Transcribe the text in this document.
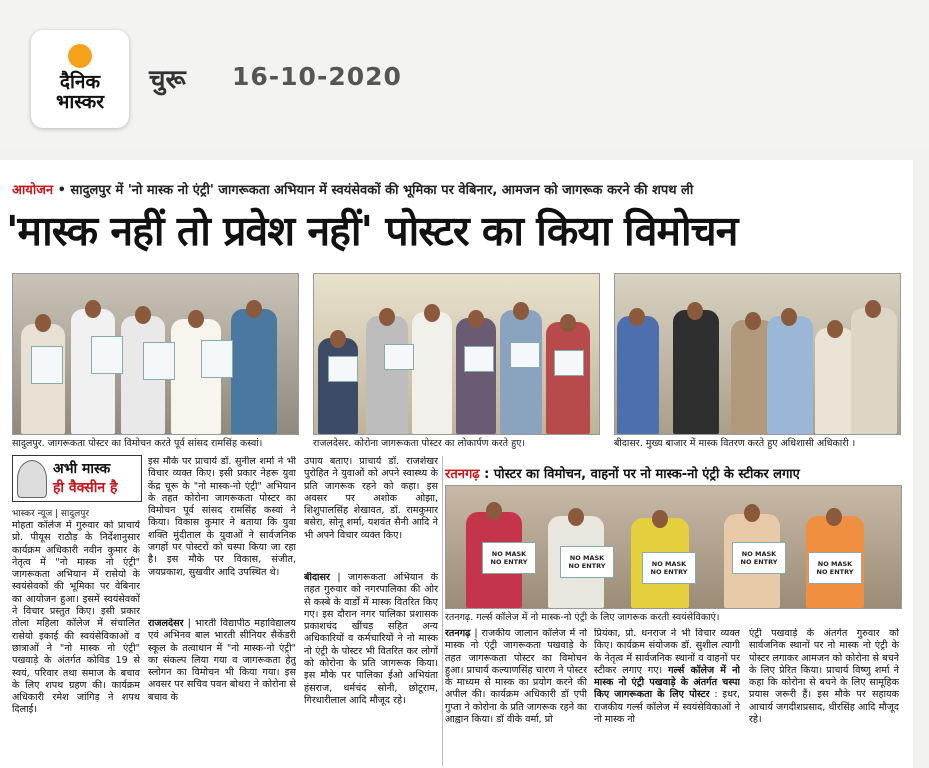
दैनिक
भास्कर
चुरू 16-10-2020
आयोजन • सादुलपुर में 'नो मास्क नो एंट्री' जागरूकता अभियान में स्वयंसेवकों की भूमिका पर वेबिनार, आमजन को जागरूक करने की शपथ ली
'मास्क नहीं तो प्रवेश नहीं' पोस्टर का किया विमोचन
सादुलपुर. जागरूकता पोस्टर का विमोचन करते पूर्व सांसद रामसिंह कस्वां।	राजलदेसर. कोरोना जागरूकता पोस्टर का लोकार्पण करते हुए।	बीदासर. मुख्य बाजार में मास्क वितरण करते हुए अधिशासी अधिकारी ।
अभी मास्क
ही वैक्सीन है
भास्कर न्यूज | सादुलपुर
मोहता कॉलेज में गुरुवार को प्राचार्य प्रो. पीयूस राठौड़ के निर्देशानुसार कार्यक्रम अधिकारी नवीन कुमार के नेतृत्व में "नो मास्क नो एंट्री" जागरूकता अभियान में रासेयो के स्वयंसेवकों की भूमिका पर वेबिनार का आयोजन हुआ। इसमें स्वयंसेवकों ने विचार प्रस्तुत किए। इसी प्रकार तोला महिला कॉलेज में संचालित रासेयो इकाई की स्वयंसेविकाओं व छात्राओं ने "नो मास्क नो एंट्री" पखवाड़े के अंतर्गत कोविड 19 से स्वयं, परिवार तथा समाज के बचाव के लिए शपथ ग्रहण की। कार्यक्रम अधिकारी रमेश जांगिड़ ने शपथ दिलाई।
इस मौके पर प्राचार्य डॉ. सुनील शर्मा ने भी विचार व्यक्त किए। इसी प्रकार नेहरू युवा केंद्र चूरू के "नो मास्क-नो एंट्री" अभियान के तहत कोरोना जागरूकता पोस्टर का विमोचन पूर्व सांसद रामसिंह कस्वां ने किया। विकास कुमार ने बताया कि युवा शक्ति मुंदीताल के युवाओं ने सार्वजनिक जगहों पर पोस्टरों को चस्पा किया जा रहा है। इस मौके पर विकास, संजीत, जयप्रकाश, सुखवीर आदि उपस्थित थे।
राजलदेसर | भारती विद्यापीठ महाविद्यालय एवं अभिनव बाल भारती सीनियर सैकेंडरी स्कूल के तत्वाधान में "नो मास्क-नो एंट्री" का संकल्प लिया गया व जागरूकता हेतु स्लोगन का विमोचन भी किया गया। इस अवसर पर सचिव पवन बोथरा ने कोरोना से बचाव के
उपाय बताए। प्राचार्य डॉ. राजशेखर पुरोहित ने युवाओं को अपने स्वास्थ्य के प्रति जागरूक रहने को कहा। इस अवसर पर अशोक ओझा, शिशुपालसिंह शेखावत, डॉ. रामकुमार बसेरा, सोनू शर्मा, यशवंत सैनी आदि ने भी अपने विचार व्यक्त किए।
बीदासर | जागरूकता अभियान के तहत गुरुवार को नगरपालिका की ओर से कस्बे के वार्डों में मास्क वितरित किए गए। इस दौरान नगर पालिका प्रशासक प्रकाशचंद खींचड़ सहित अन्य अधिकारियों व कर्मचारियों ने नो मास्क नो एंट्री के पोस्टर भी वितरित कर लोगों को कोरोना के प्रति जागरूक किया। इस मौके पर पालिका ईओ अभियंता हंसराज, धर्मचंद सोनी, छोटूराम, गिरधारीलाल आदि मौजूद रहे।
रतनगढ़ : पोस्टर का विमोचन, वाहनों पर नो मास्क-नो एंट्री के स्टीकर लगाए
NO MASK
NO ENTRY	NO MASK
NO ENTRY	NO MASK
NO ENTRY
NO MASK
NO ENTRY	NO MASK
NO ENTRY
रतनगढ़. गर्ल्स कॉलेज में नो मास्क-नो एंट्री के लिए जागरूक करती स्वयंसेविकाएं।
रतनगढ़ | राजकीय जालान कॉलेज में नो मास्क नो एंट्री जागरूकता पखवाड़े के तहत जागरूकता पोस्टर का विमोचन हुआ। प्राचार्य कल्याणसिंह चारण ने पोस्टर के माध्यम से मास्क का प्रयोग करने की अपील की। कार्यक्रम अधिकारी डॉ एपी गुप्ता ने कोरोना के प्रति जागरूक रहने का आह्वान किया। डॉ वीके वर्मा, प्रो
प्रियंका, प्रो. धनराज ने भी विचार व्यक्त किए। कार्यक्रम संयोजक डॉ. सुशील त्यागी के नेतृत्व में सार्वजनिक स्थानों व वाहनों पर स्टीकर लगाए गए। गर्ल्स कॉलेज में नो मास्क नो एंट्री पखवाड़े के अंतर्गत चस्पा किए जागरूकता के लिए पोस्टर : इधर, राजकीय गर्ल्स कॉलेज में स्वयंसेविकाओं ने नो मास्क नो
एंट्री पखवाड़े के अंतर्गत गुरुवार को सार्वजनिक स्थानों पर नो मास्क नो एंट्री के पोस्टर लगाकर आमजन को कोरोना से बचने के लिए प्रेरित किया। प्राचार्य विष्णु शर्मा ने कहा कि कोरोना से बचने के लिए सामूहिक प्रयास जरूरी हैं। इस मौके पर सहायक आचार्य जगदीशप्रसाद, धीरसिंह आदि मौजूद रहे।
